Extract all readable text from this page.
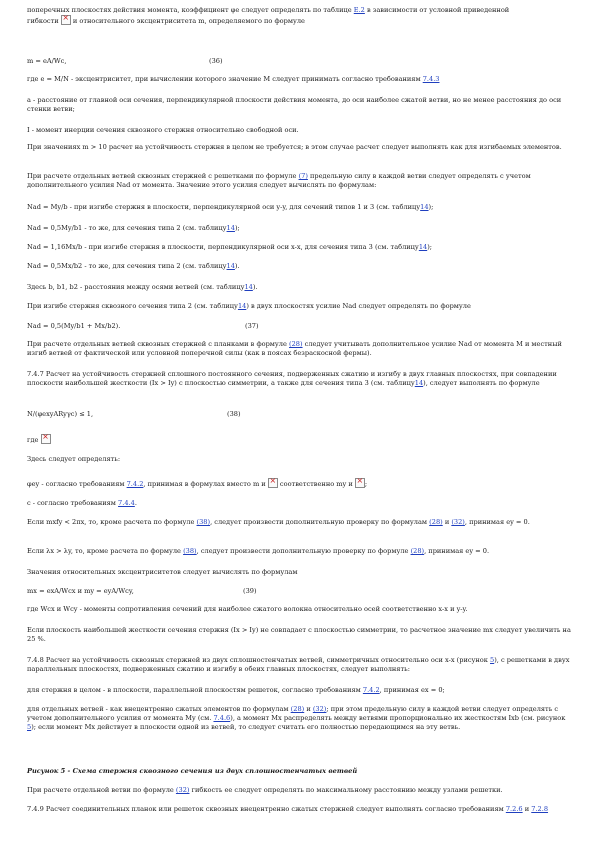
поперечных плоскостях действия момента, коэффициент φе следует определять по таблице Е.2 в зависимости от условной приведенной
гибкости × и относительного эксцентриситета m, определяемого по формуле
m = eA/Wc,	(36)
где e = M/N - эксцентриситет, при вычислении которого значение M следует принимать согласно требованиям 7.4.3
a - расстояние от главной оси сечения, перпендикулярной плоскости действия момента, до оси наиболее сжатой ветви, но не менее расстояния до оси стенки ветви;
I - момент инерции сечения сквозного стержня относительно свободной оси.
При значениях m > 10 расчет на устойчивость стержня в целом не требуется; в этом случае расчет следует выполнять как для изгибаемых элементов.
При расчете отдельных ветвей сквозных стержней с решетками по формуле (7) предельную силу в каждой ветви следует определять с учетом дополнительного усилия Nad от момента. Значение этого усилия следует вычислять по формулам:
Nad = My/b - при изгибе стержня в плоскости, перпендикулярной оси y-y, для сечений типов 1 и 3 (см. таблицу14);
Nad = 0,5My/b1 - то же, для сечения типа 2 (см. таблицу14);
Nad = 1,16Mx/b - при изгибе стержня в плоскости, перпендикулярной оси x-x, для сечения типа 3 (см. таблицу14);
Nad = 0,5Mx/b2 - то же, для сечения типа 2 (см. таблицу14).
Здесь b, b1, b2 - расстояния между осями ветвей (см. таблицу14).
При изгибе стержня сквозного сечения типа 2 (см. таблицу14) в двух плоскостях усилие Nad следует определять по формуле
Nad = 0,5(My/b1 + Mx/b2).	(37)
При расчете отдельных ветвей сквозных стержней с планками в формуле (28) следует учитывать дополнительное усилие Nad от момента M и местный изгиб ветвей от фактической или условной поперечной силы (как в поясах безраскосной фермы).
7.4.7 Расчет на устойчивость стержней сплошного постоянного сечения, подверженных сжатию и изгибу в двух главных плоскостях, при совпадении плоскости наибольшей жесткости (Ix > Iy) с плоскостью симметрии, а также для сечения типа 3 (см. таблицу14), следует выполнять по формуле
N/(φexyARyγc) ≤ 1,	(38)
где ×
Здесь следует определять:
φey - согласно требованиям 7.4.2, принимая в формулах вместо m и × соответственно my и × ;
c - согласно требованиям 7.4.4.
Если mxfy < 2πx, то, кроме расчета по формуле (38), следует произвести дополнительную проверку по формулам (28) и (32), принимая ey = 0.
Если λx > λy, то, кроме расчета по формуле (38), следует произвести дополнительную проверку по формуле (28), принимая ey = 0.
Значения относительных эксцентриситетов следует вычислять по формулам
mx = exA/Wcx и my = eyA/Wcy,	(39)
где Wcx и Wcy - моменты сопротивления сечений для наиболее сжатого волокна относительно осей соответственно x-x и y-y.
Если плоскость наибольшей жесткости сечения стержня (Ix > Iy) не совпадает с плоскостью симметрии, то расчетное значение mx следует увеличить на 25 %.
7.4.8 Расчет на устойчивость сквозных стержней из двух сплошностенчатых ветвей, симметричных относительно оси x-x (рисунок 5), с решетками в двух параллельных плоскостях, подверженных сжатию и изгибу в обеих главных плоскостях, следует выполнять:
для стержня в целом - в плоскости, параллельной плоскостям решеток, согласно требованиям 7.4.2, принимая ex = 0;
для отдельных ветвей - как внецентренно сжатых элементов по формулам (28) и (32); при этом предельную силу в каждой ветви следует определять с учетом дополнительного усилия от момента My (см. 7.4.6), а момент Mx распределять между ветвями пропорционально их жесткостям Ixb (см. рисунок 5); если момент Mx действует в плоскости одной из ветвей, то следует считать его полностью передающимся на эту ветвь.
Рисунок 5 - Схема стержня сквозного сечения из двух сплошностенчатых ветвей
При расчете отдельной ветви по формуле (32) гибкость ее следует определять по максимальному расстоянию между узлами решетки.
7.4.9 Расчет соединительных планок или решеток сквозных внецентренно сжатых стержней следует выполнять согласно требованиям 7.2.6 и 7.2.8
